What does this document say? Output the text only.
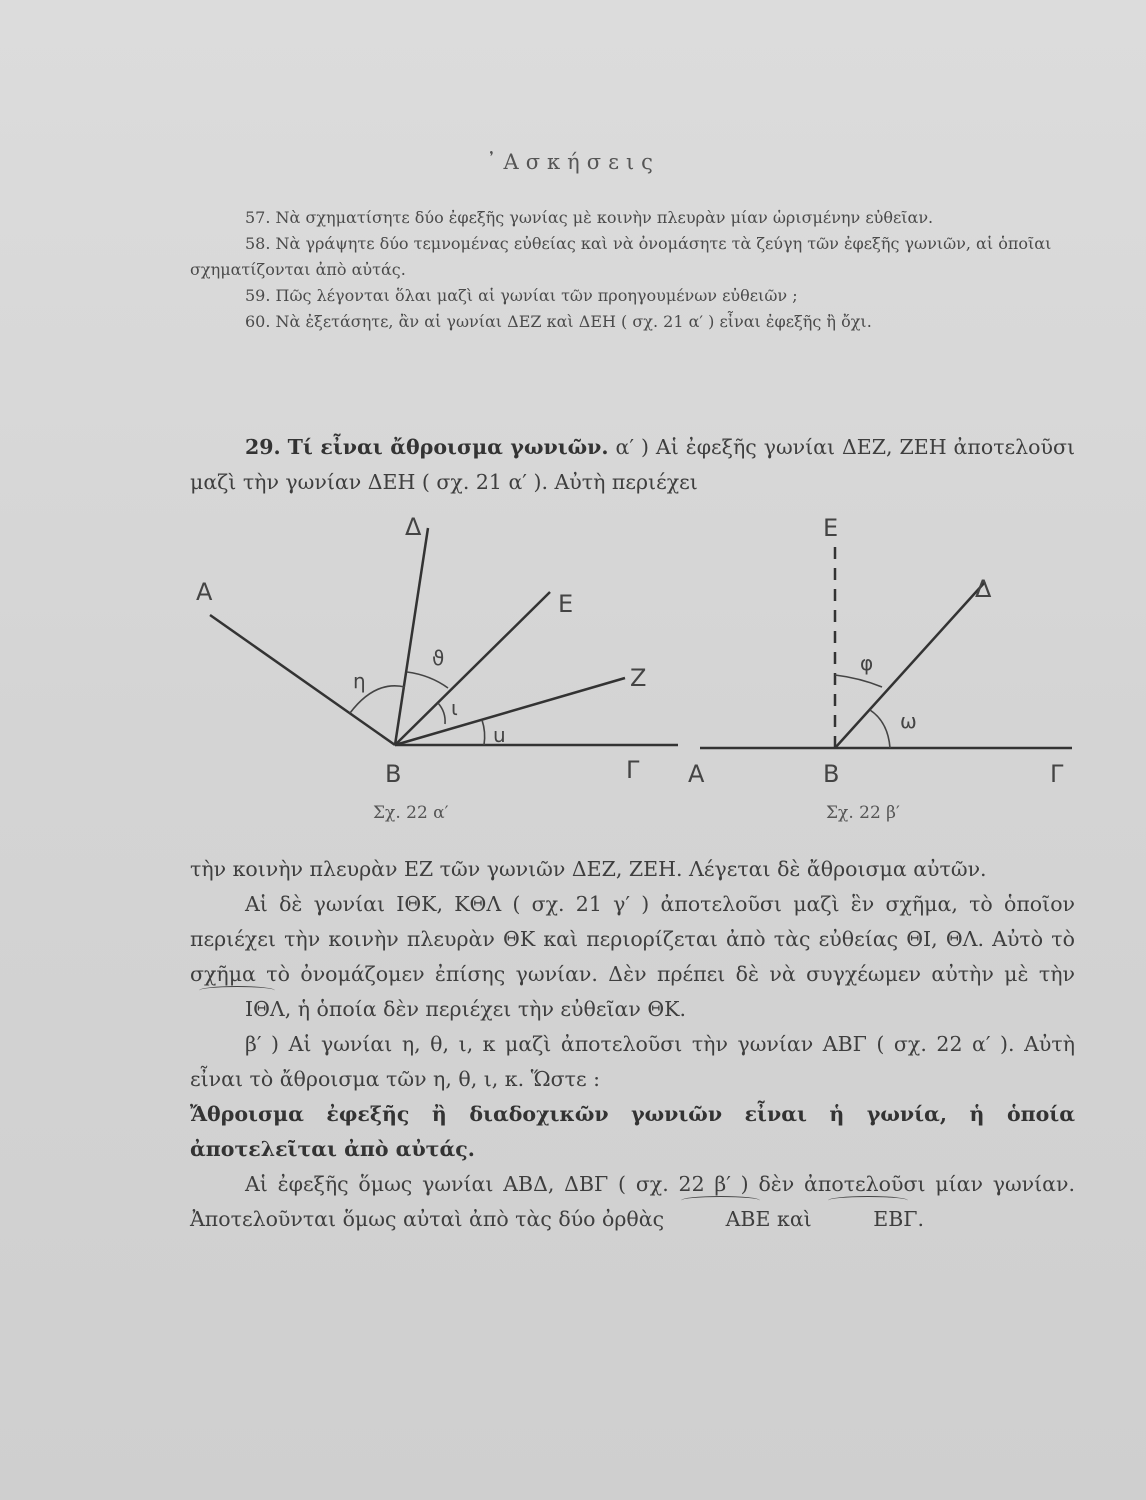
᾿Ασκήσεις

57. Νὰ σχηματίσητε δύο ἐφεξῆς γωνίας μὲ κοινὴν πλευρὰν μίαν ὡρισμένην εὐθεῖαν.

58. Νὰ γράψητε δύο τεμνομένας εὐθείας καὶ νὰ ὀνομάσητε τὰ ζεύγη τῶν ἐφεξῆς γωνιῶν, αἱ ὁποῖαι σχηματίζονται ἀπὸ αὐτάς.

59. Πῶς λέγονται ὅλαι μαζὶ αἱ γωνίαι τῶν προηγουμένων εὐθειῶν ;

60. Νὰ ἐξετάσητε, ἂν αἱ γωνίαι ΔΕΖ καὶ ΔΕΗ ( σχ. 21 α′ ) εἶναι ἐφεξῆς ἢ ὄχι.

29. Τί εἶναι ἄθροισμα γωνιῶν. α′ ) Αἱ ἐφεξῆς γωνίαι ΔΕΖ, ΖΕΗ ἀποτελοῦσι μαζὶ τὴν γωνίαν ΔΕΗ ( σχ. 21 α′ ). Αὐτὴ περιέχει

Α
Δ
Ε
Ζ
Β	Γ
η
ϑ
ι
u
Σχ. 22 α′
Ε
Δ
Α	Β	Γ
φ
ω
Σχ. 22 β′

τὴν κοινὴν πλευρὰν ΕΖ τῶν γωνιῶν ΔΕΖ, ΖΕΗ. Λέγεται δὲ ἄθροισμα αὐτῶν.

Αἱ δὲ γωνίαι ΙΘΚ, ΚΘΛ ( σχ. 21 γ′ ) ἀποτελοῦσι μαζὶ ἓν σχῆμα, τὸ ὁποῖον περιέχει τὴν κοινὴν πλευρὰν ΘΚ καὶ περιορίζεται ἀπὸ τὰς εὐθείας ΘΙ, ΘΛ. Αὐτὸ τὸ σχῆμα τὸ ὀνομάζομεν ἐπίσης γωνίαν. Δὲν πρέπει δὲ νὰ συγχέωμεν αὐτὴν μὲ τὴν ΙΘΛ, ἡ ὁποία δὲν περιέχει τὴν εὐθεῖαν ΘΚ.

β′ ) Αἱ γωνίαι η, θ, ι, κ μαζὶ ἀποτελοῦσι τὴν γωνίαν ΑΒΓ ( σχ. 22 α′ ). Αὐτὴ εἶναι τὸ ἄθροισμα τῶν η, θ, ι, κ. Ὥστε :

Ἄθροισμα ἐφεξῆς ἢ διαδοχικῶν γωνιῶν εἶναι ἡ γωνία, ἡ ὁποία ἀποτελεῖται ἀπὸ αὐτάς.

Αἱ ἐφεξῆς ὅμως γωνίαι ΑΒΔ, ΔΒΓ ( σχ. 22 β′ ) δὲν ἀποτελοῦσι μίαν γωνίαν. Ἀποτελοῦνται ὅμως αὐταὶ ἀπὸ τὰς δύο ὀρθὰς	ΑΒΕ καὶ	ΕΒΓ.
